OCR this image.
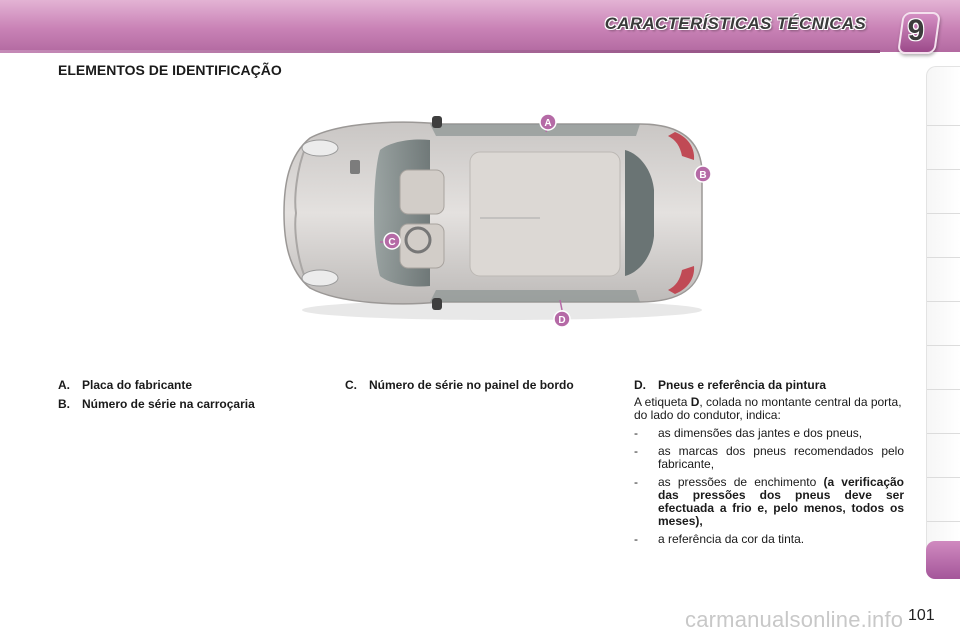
CARACTERÍSTICAS TÉCNICAS 9
ELEMENTOS DE IDENTIFICAÇÃO
A
B
C
D
A.	Placa do fabricante
B.	Número de série na carroçaria
C.	Número de série no painel de bordo	D.	Pneus e referência da pintura

A etiqueta D, colada no montante central da porta, do lado do condutor, indica:

-	as dimensões das jantes e dos pneus,
-	as marcas dos pneus recomendados pelo fabricante,
-	as pressões de enchimento (a verificação das pressões dos pneus deve ser efectuada a frio e, pelo menos, todos os meses),
-	a referência da cor da tinta.
carmanualsonline.info 101
